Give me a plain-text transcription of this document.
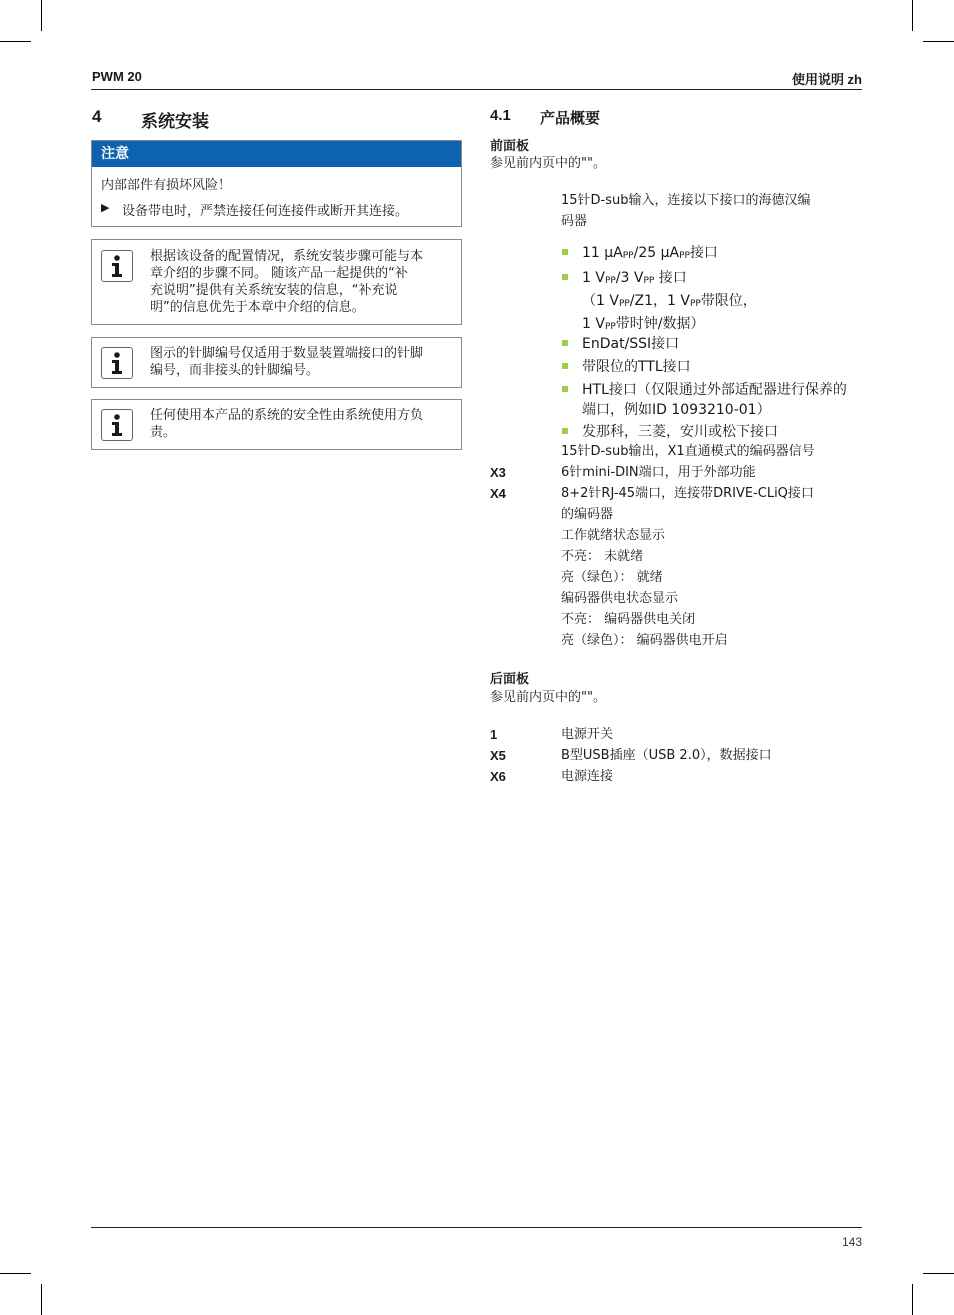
PWM 20	使用说明 zh
4 系统安装
注意
内部部件有损坏风险！
▶ 设备带电时，严禁连接任何连接件或断开其连接。
根据该设备的配置情况，系统安装步骤可能与本
章介绍的步骤不同。 随该产品一起提供的“补
充说明”提供有关系统安装的信息，“补充说
明”的信息优先于本章中介绍的信息。
图示的针脚编号仅适用于数显装置端接口的针脚
编号，而非接头的针脚编号。
任何使用本产品的系统的安全性由系统使用方负
责。
4.1 产品概要
前面板
参见前内页中的""。
15针D-sub输入，连接以下接口的海德汉编
码器
11 µA$_{PP}$/25 µA$_{PP}$接口
1 $V_{PP}/3$ $V_{PP}$ 接口
（1 $V_{PP}/Z1$，1 $V_{PP}$带限位，
1 $V_{PP}$带时钟/数据）
EnDat/SSI接口
带限位的TTL接口
HTL接口（仅限通过外部适配器进行保养的
端口，例如ID 1093210-01）
发那科，三菱，安川或松下接口
15针D-sub输出，X1直通模式的编码器信号
X3	6针mini-DIN端口，用于外部功能
X4	8+2针RJ-45端口，连接带DRIVE-CLiQ接口
的编码器
工作就绪状态显示
不亮： 未就绪
亮（绿色）： 就绪
编码器供电状态显示
不亮： 编码器供电关闭
亮（绿色）： 编码器供电开启
后面板
参见前内页中的""。
1	电源开关
X5	B型USB插座（USB 2.0），数据接口
X6	电源连接
143
